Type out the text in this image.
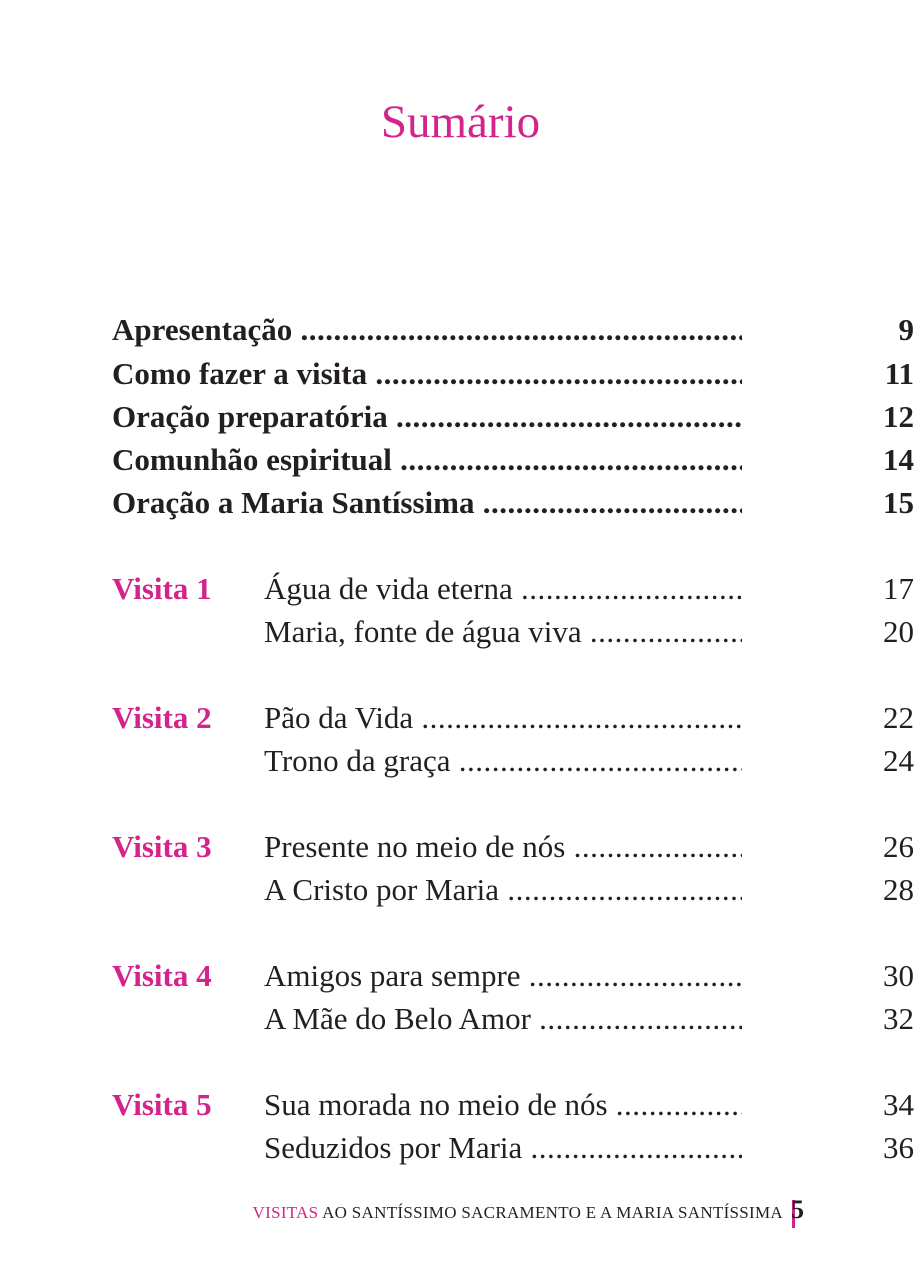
Sumário
Apresentação .....	9
Como fazer a visita .....	11
Oração preparatória .....	12
Comunhão espiritual .....	14
Oração a Maria Santíssima .....	15
Visita 1 Água de vida eterna .....	17
Maria, fonte de água viva .....	20
Visita 2 Pão da Vida .....	22
Trono da graça .....	24
Visita 3 Presente no meio de nós .....	26
A Cristo por Maria .....	28
Visita 4 Amigos para sempre .....	30
A Mãe do Belo Amor .....	32
Visita 5 Sua morada no meio de nós .....	34
Seduzidos por Maria .....	36
VISITAS AO SANTÍSSIMO SACRAMENTO E A MARIA SANTÍSSIMA 5
